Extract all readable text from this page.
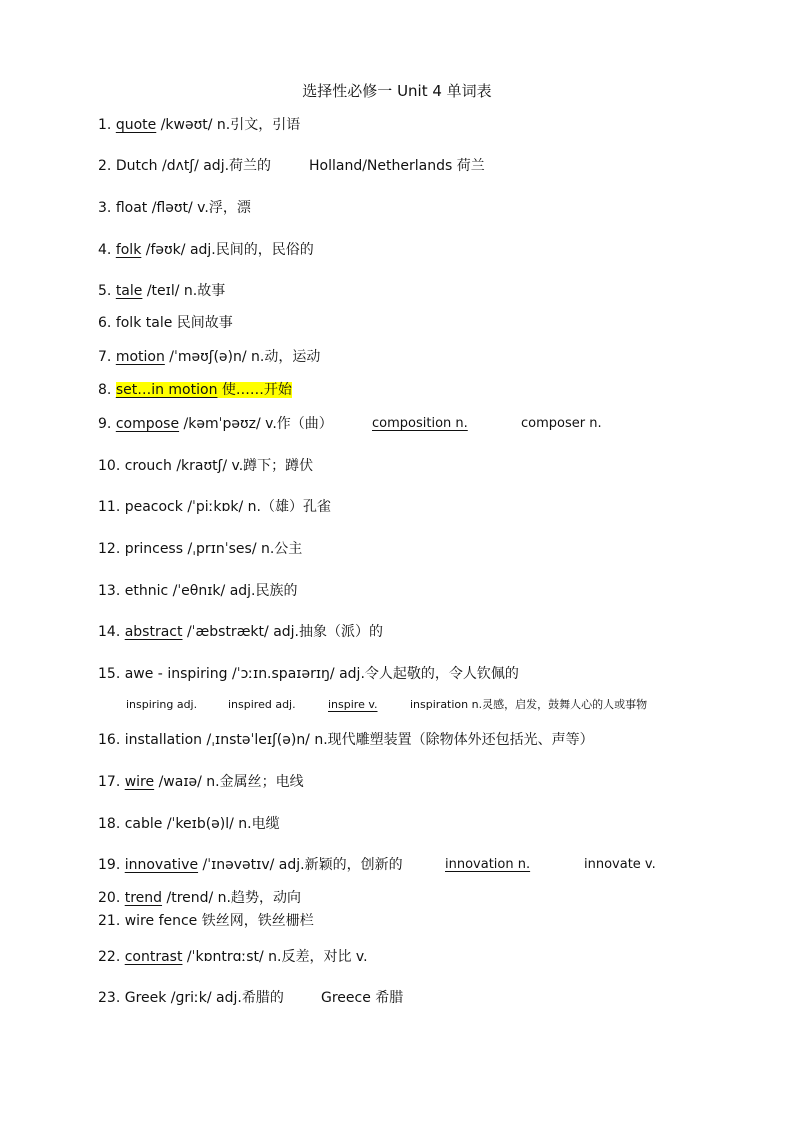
选择性必修一 Unit 4 单词表
1. quote /kwəʊt/ n.引文，引语
2. Dutch /dʌtʃ/ adj.荷兰的	Holland/Netherlands 荷兰
3. float /fləʊt/ v.浮，漂
4. folk /fəʊk/ adj.民间的，民俗的
5. tale /teɪl/ n.故事
6. folk tale 民间故事
7. motion /ˈməʊʃ(ə)n/ n.动，运动
8. set…in motion 使……开始
9. compose /kəmˈpəʊz/ v.作（曲）	composition n.	composer n.
10. crouch /kraʊtʃ/ v.蹲下；蹲伏
11. peacock /ˈpiːkɒk/ n.（雄）孔雀
12. princess /ˌprɪnˈses/ n.公主
13. ethnic /ˈeθnɪk/ adj.民族的
14. abstract /ˈæbstrækt/ adj.抽象（派）的
15. awe - inspiring /ˈɔːɪn.spaɪərɪŋ/ adj.令人起敬的，令人钦佩的
inspiring adj.	inspired adj.	inspire v.	inspiration n.灵感，启发，鼓舞人心的人或事物
16. installation /ˌɪnstəˈleɪʃ(ə)n/ n.现代雕塑装置（除物体外还包括光、声等）
17. wire /waɪə/ n.金属丝；电线
18. cable /ˈkeɪb(ə)l/ n.电缆
19. innovative /ˈɪnəvətɪv/ adj.新颖的，创新的	innovation n.	innovate v.
20. trend /trend/ n.趋势，动向
21. wire fence 铁丝网，铁丝栅栏
22. contrast /ˈkɒntrɑːst/ n.反差，对比 v.
23. Greek /ɡriːk/ adj.希腊的	Greece 希腊
